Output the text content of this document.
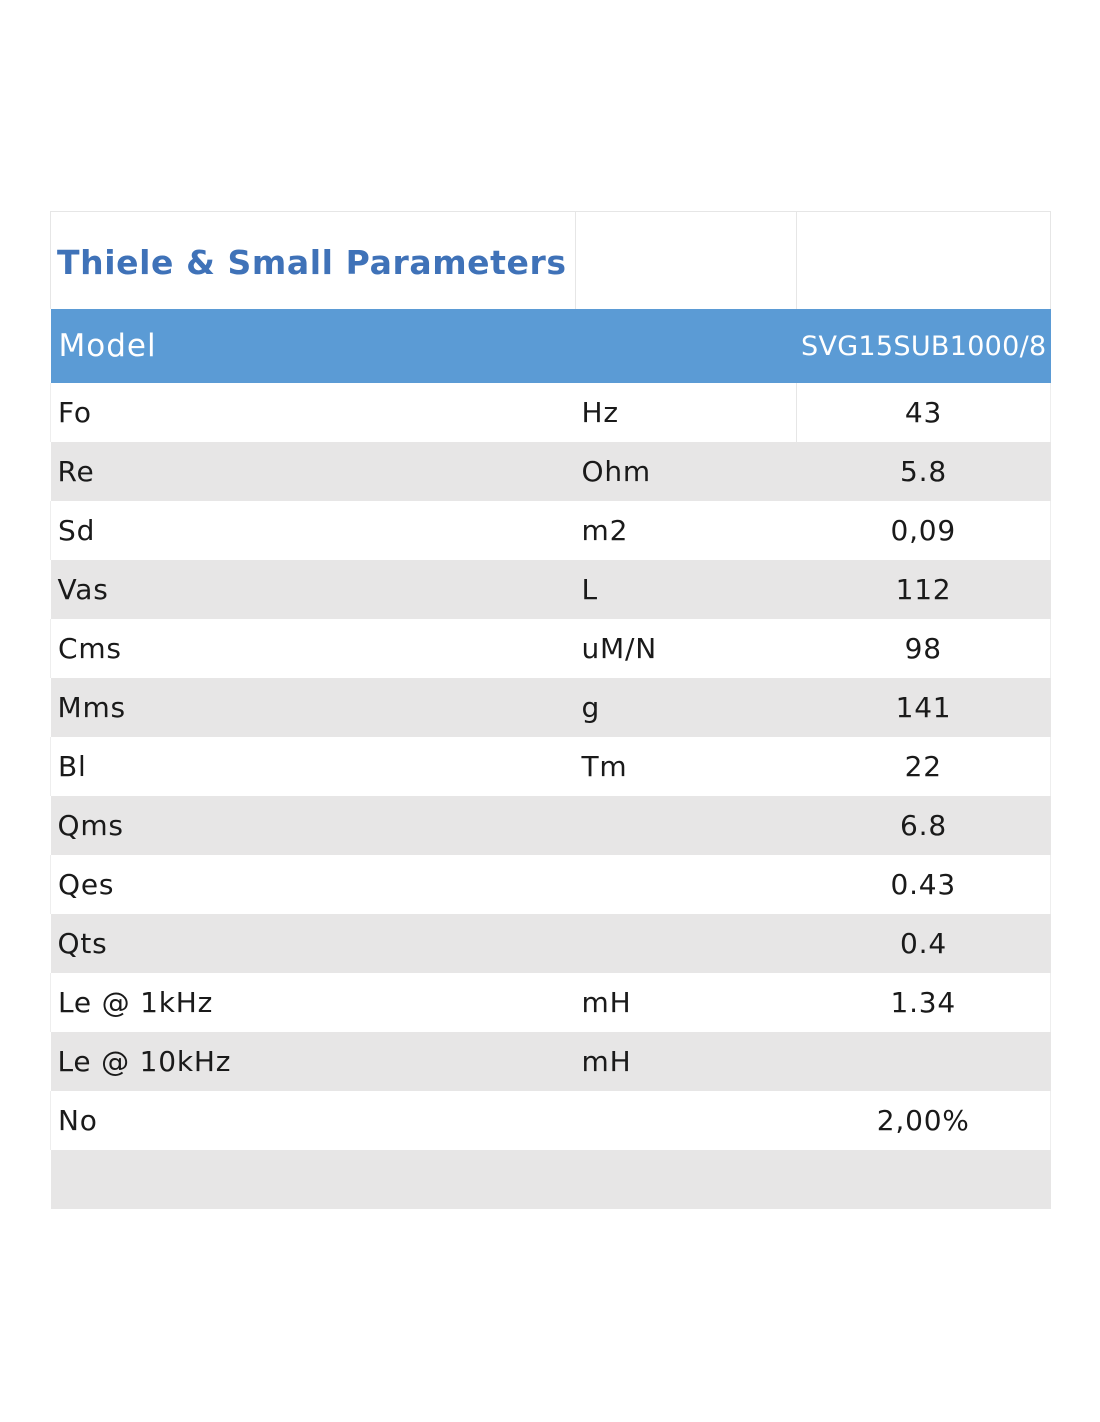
Thiele & Small Parameters		
Model		SVG15SUB1000/8
Fo	Hz	43
Re	Ohm	5.8
Sd	m2	0,09
Vas	L	112
Cms	uM/N	98
Mms	g	141
Bl	Tm	22
Qms		6.8
Qes		0.43
Qts		0.4
Le @ 1kHz	mH	1.34
Le @ 10kHz	mH	
No		2,00%
